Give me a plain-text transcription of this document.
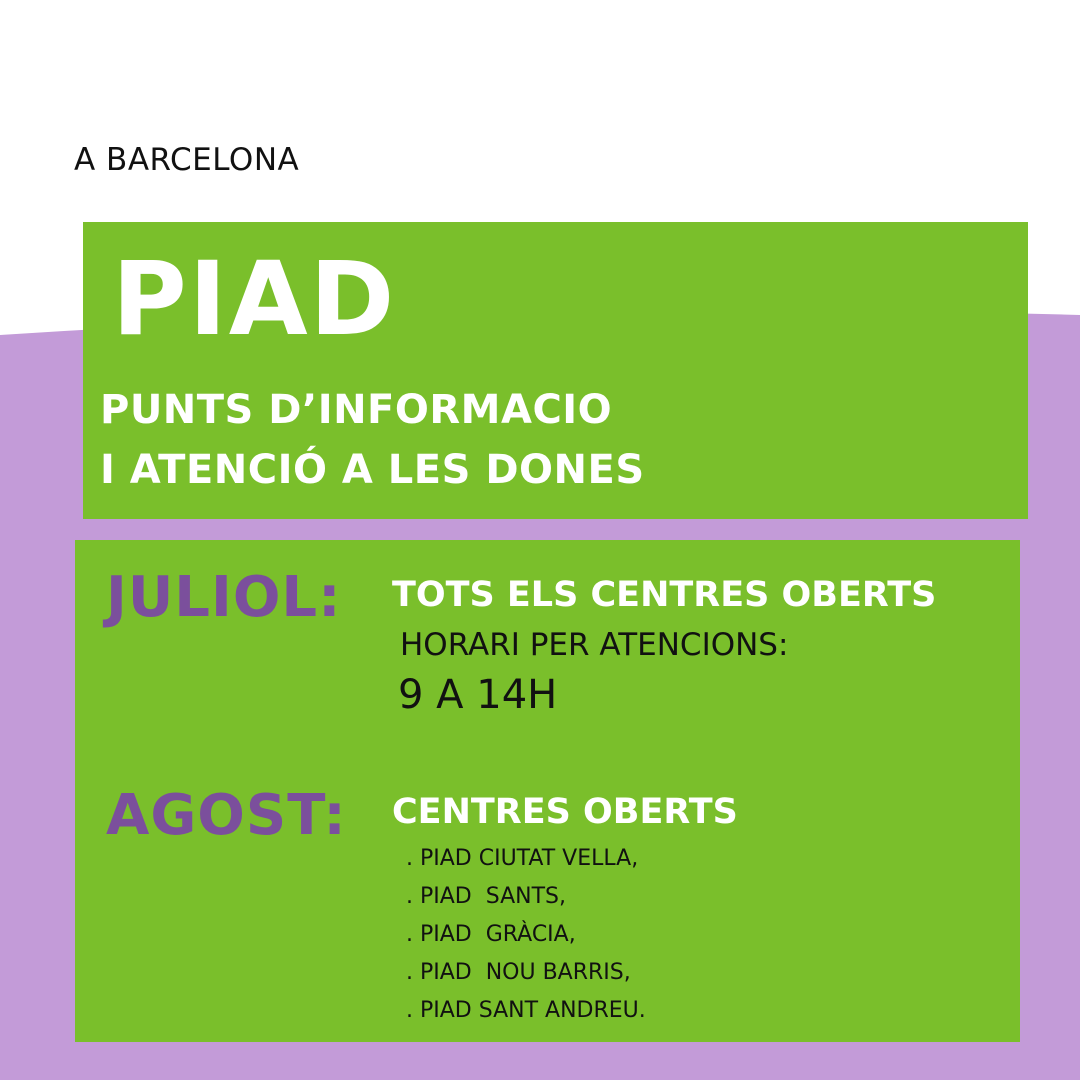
A BARCELONA
PIAD
PUNTS D’INFORMACIO
I ATENCIÓ A LES DONES
JULIOL: TOTS ELS CENTRES OBERTS
HORARI PER ATENCIONS:
9 A 14H
AGOST: CENTRES OBERTS
. PIAD CIUTAT VELLA,
. PIAD  SANTS,
. PIAD  GRÀCIA,
. PIAD  NOU BARRIS,
. PIAD SANT ANDREU.
